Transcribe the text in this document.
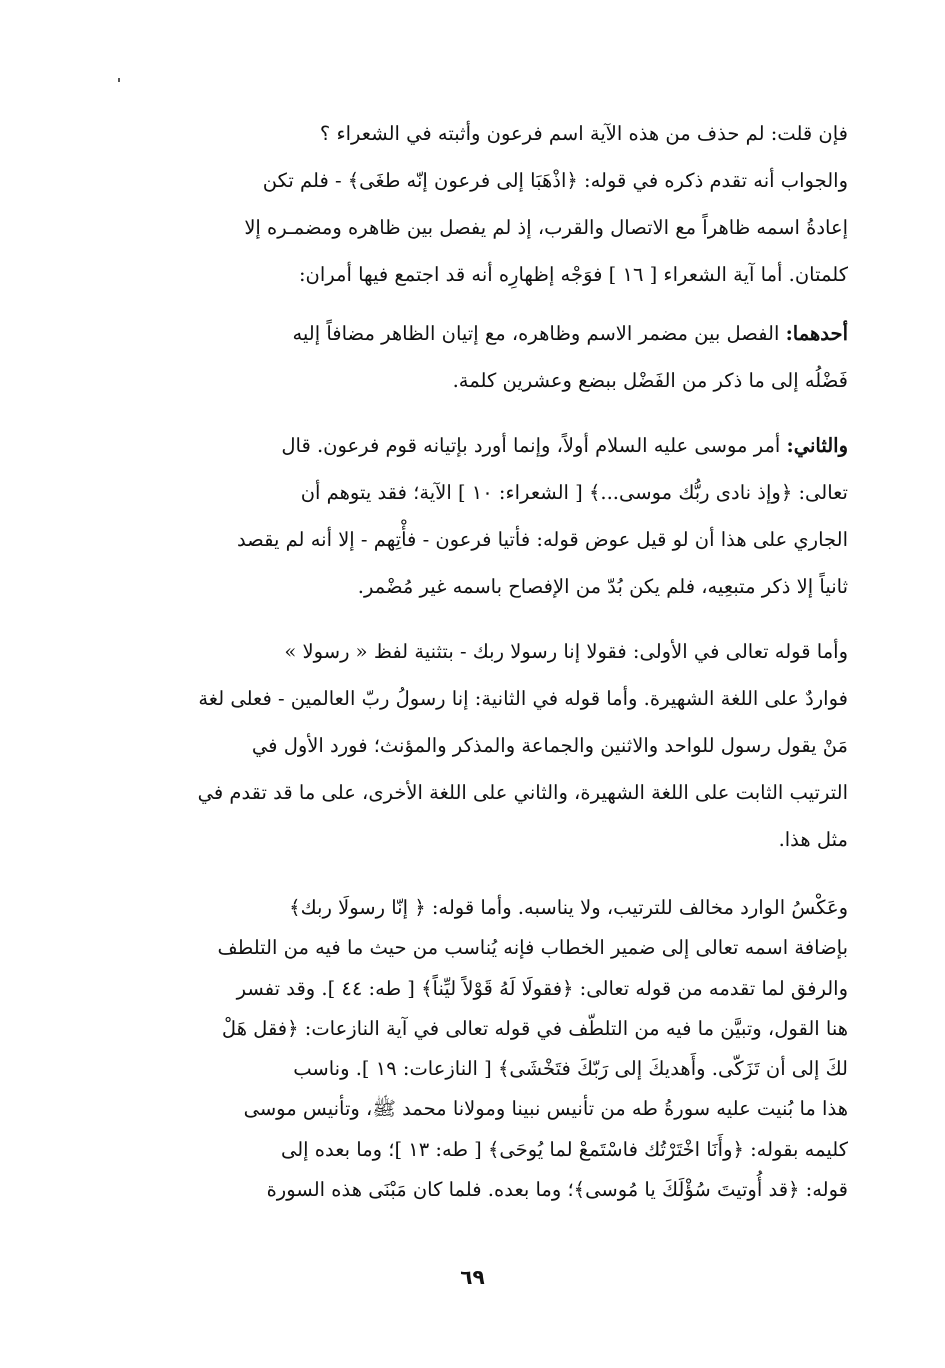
فإن قلت: لم حذف من هذه الآية اسم فرعون وأثبته في الشعراء ؟
والجواب أنه تقدم ذكره في قوله: ﴿اذْهَبَا إلى فرعون إنّه طغَى﴾ - فلم تكن
إعادةُ اسمه ظاهراً مع الاتصال والقرب، إذ لم يفصل بين ظاهره ومضمـره إلا
كلمتان. أما آية الشعراء [ ١٦ ] فوَجْه إظهارِه أنه قد اجتمع فيها أمران:
أحدهما: الفصل بين مضمر الاسم وظاهره، مع إتيان الظاهر مضافاً إليه
فَضْلُه إلى ما ذكر من الفَضْل ببضع وعشرين كلمة.
والثاني: أمر موسى عليه السلام أولاً، وإنما أورد بإتيانه قوم فرعون. قال
تعالى: ﴿وإذ نادى ربُّك موسى...﴾ [ الشعراء: ١٠ ] الآية؛ فقد يتوهم أن
الجاري على هذا أن لو قيل عوض قوله: فأتيا فرعون - فأْتِهم - إلا أنه لم يقصد
ثانياً إلا ذكر متبعِيه، فلم يكن بُدّ من الإفصاح باسمه غير مُضْمر.
وأما قوله تعالى في الأولى: فقولا إنا رسولا ربك - بتثنية لفظ « رسولا »
فواردٌ على اللغة الشهيرة. وأما قوله في الثانية: إنا رسولُ ربّ العالمين - فعلى لغة
مَنْ يقول رسول للواحد والاثنين والجماعة والمذكر والمؤنث؛ فورد الأول في
الترتيب الثابت على اللغة الشهيرة، والثاني على اللغة الأخرى، على ما قد تقدم في
مثل هذا.
وعَكْسُ الوارد مخالف للترتيب، ولا يناسبه. وأما قوله: ﴿ إنّا رسولَا ربك﴾
بإضافة اسمه تعالى إلى ضمير الخطاب فإنه يُناسب من حيث ما فيه من التلطف
والرفق لما تقدمه من قوله تعالى: ﴿فقولَا لَهُ قَوْلاً ليِّناً﴾ [ طه: ٤٤ ]. وقد تفسر
هنا القول، وتبيَّن ما فيه من التلطّف في قوله تعالى في آية النازعات: ﴿فقل هَلْ
لكَ إلى أن تَزَكّى. وأَهديكَ إلى رَبّكَ فتَخْشَى﴾ [ النازعات: ١٩ ]. وناسب
هذا ما بُنيت عليه سورةُ طه من تأنيس نبينا ومولانا محمد ﷺ، وتأنيس موسى
كليمه بقوله: ﴿وأَنَا اخْتَرْتُك فاسْتَمعْ لما يُوحَى﴾ [ طه: ١٣ ]؛ وما بعده إلى
قوله: ﴿قد أُوتيتَ سُؤْلَكَ يا مُوسى﴾؛ وما بعده. فلما كان مَبْنَى هذه السورة
٦٩
